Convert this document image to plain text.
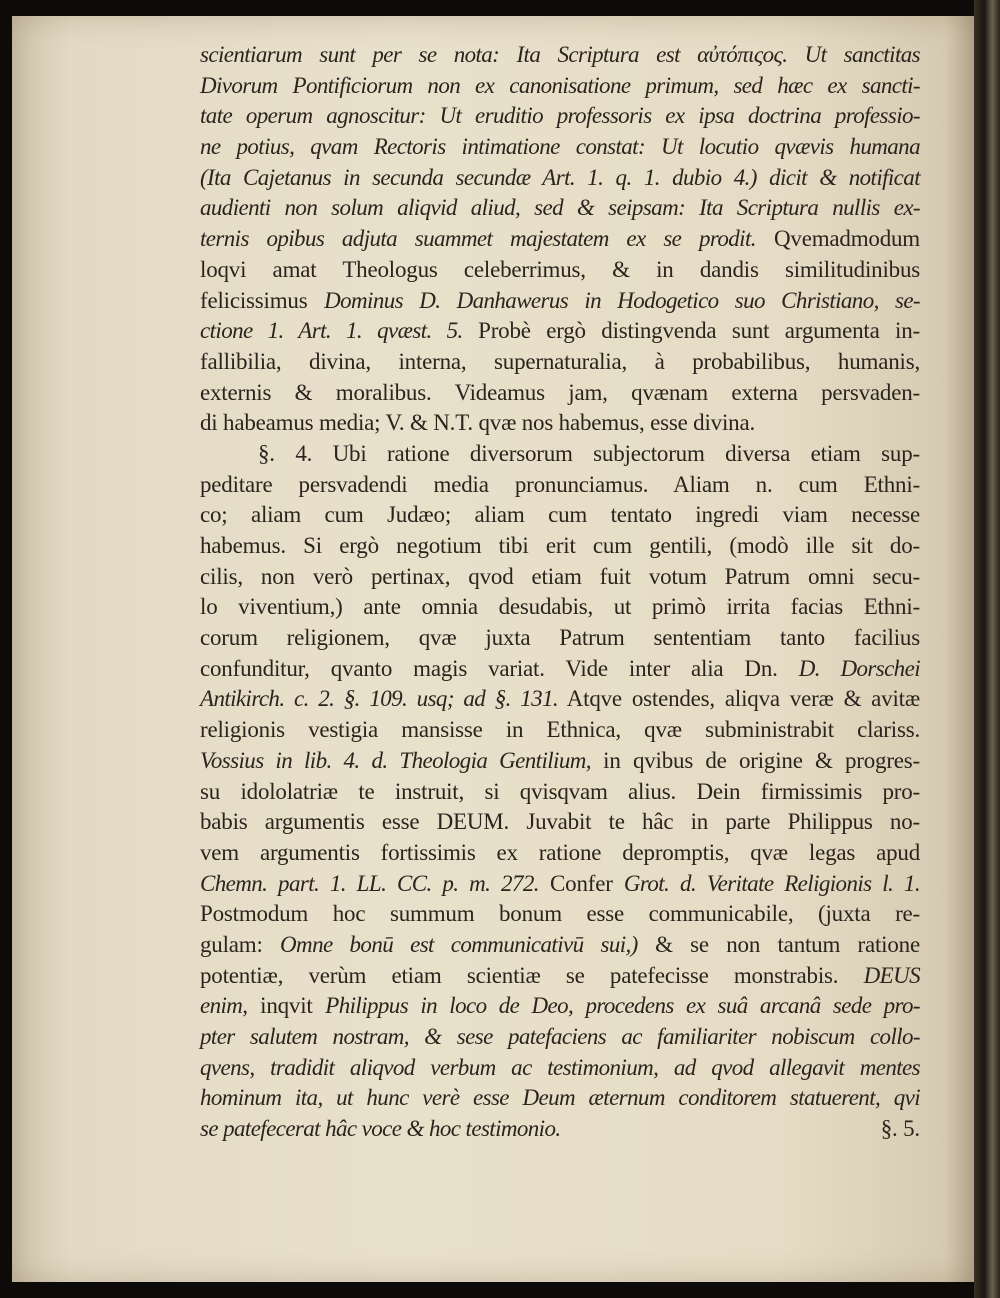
scientiarum sunt per se nota: Ita Scriptura est αὐτόπιςος. Ut sanctitas
Divorum Pontificiorum non ex canonisatione primum, sed hæc ex sancti-
tate operum agnoscitur: Ut eruditio professoris ex ipsa doctrina professio-
ne potius, qvam Rectoris intimatione constat: Ut locutio qvævis humana
(Ita Cajetanus in secunda secundæ Art. 1. q. 1. dubio 4.) dicit & notificat
audienti non solum aliqvid aliud, sed & seipsam: Ita Scriptura nullis ex-
ternis opibus adjuta suammet majestatem ex se prodit. Qvemadmodum
loqvi amat Theologus celeberrimus, & in dandis similitudinibus
felicissimus Dominus D. Danhawerus in Hodogetico suo Christiano, se-
ctione 1. Art. 1. qvæst. 5. Probè ergò distingvenda sunt argumenta in-
fallibilia, divina, interna, supernaturalia, à probabilibus, humanis,
externis & moralibus. Videamus jam, qvænam externa persvaden-
di habeamus media; V. & N.T. qvæ nos habemus, esse divina.
§. 4. Ubi ratione diversorum subjectorum diversa etiam sup-
peditare persvadendi media pronunciamus. Aliam n. cum Ethni-
co; aliam cum Judæo; aliam cum tentato ingredi viam necesse
habemus. Si ergò negotium tibi erit cum gentili, (modò ille sit do-
cilis, non verò pertinax, qvod etiam fuit votum Patrum omni secu-
lo viventium,) ante omnia desudabis, ut primò irrita facias Ethni-
corum religionem, qvæ juxta Patrum sententiam tanto facilius
confunditur, qvanto magis variat. Vide inter alia Dn. D. Dorschei
Antikirch. c. 2. §. 109. usq; ad §. 131. Atqve ostendes, aliqva veræ & avitæ
religionis vestigia mansisse in Ethnica, qvæ subministrabit clariss.
Vossius in lib. 4. d. Theologia Gentilium, in qvibus de origine & progres-
su idololatriæ te instruit, si qvisqvam alius. Dein firmissimis pro-
babis argumentis esse DEUM. Juvabit te hâc in parte Philippus no-
vem argumentis fortissimis ex ratione depromptis, qvæ legas apud
Chemn. part. 1. LL. CC. p. m. 272. Confer Grot. d. Veritate Religionis l. 1.
Postmodum hoc summum bonum esse communicabile, (juxta re-
gulam: Omne bonū est communicativū sui,) & se non tantum ratione
potentiæ, verùm etiam scientiæ se patefecisse monstrabis. DEUS
enim, inqvit Philippus in loco de Deo, procedens ex suâ arcanâ sede pro-
pter salutem nostram, & sese patefaciens ac familiariter nobiscum collo-
qvens, tradidit aliqvod verbum ac testimonium, ad qvod allegavit mentes
hominum ita, ut hunc verè esse Deum æternum conditorem statuerent, qvi
se patefecerat hâc voce & hoc testimonio.	§. 5.
